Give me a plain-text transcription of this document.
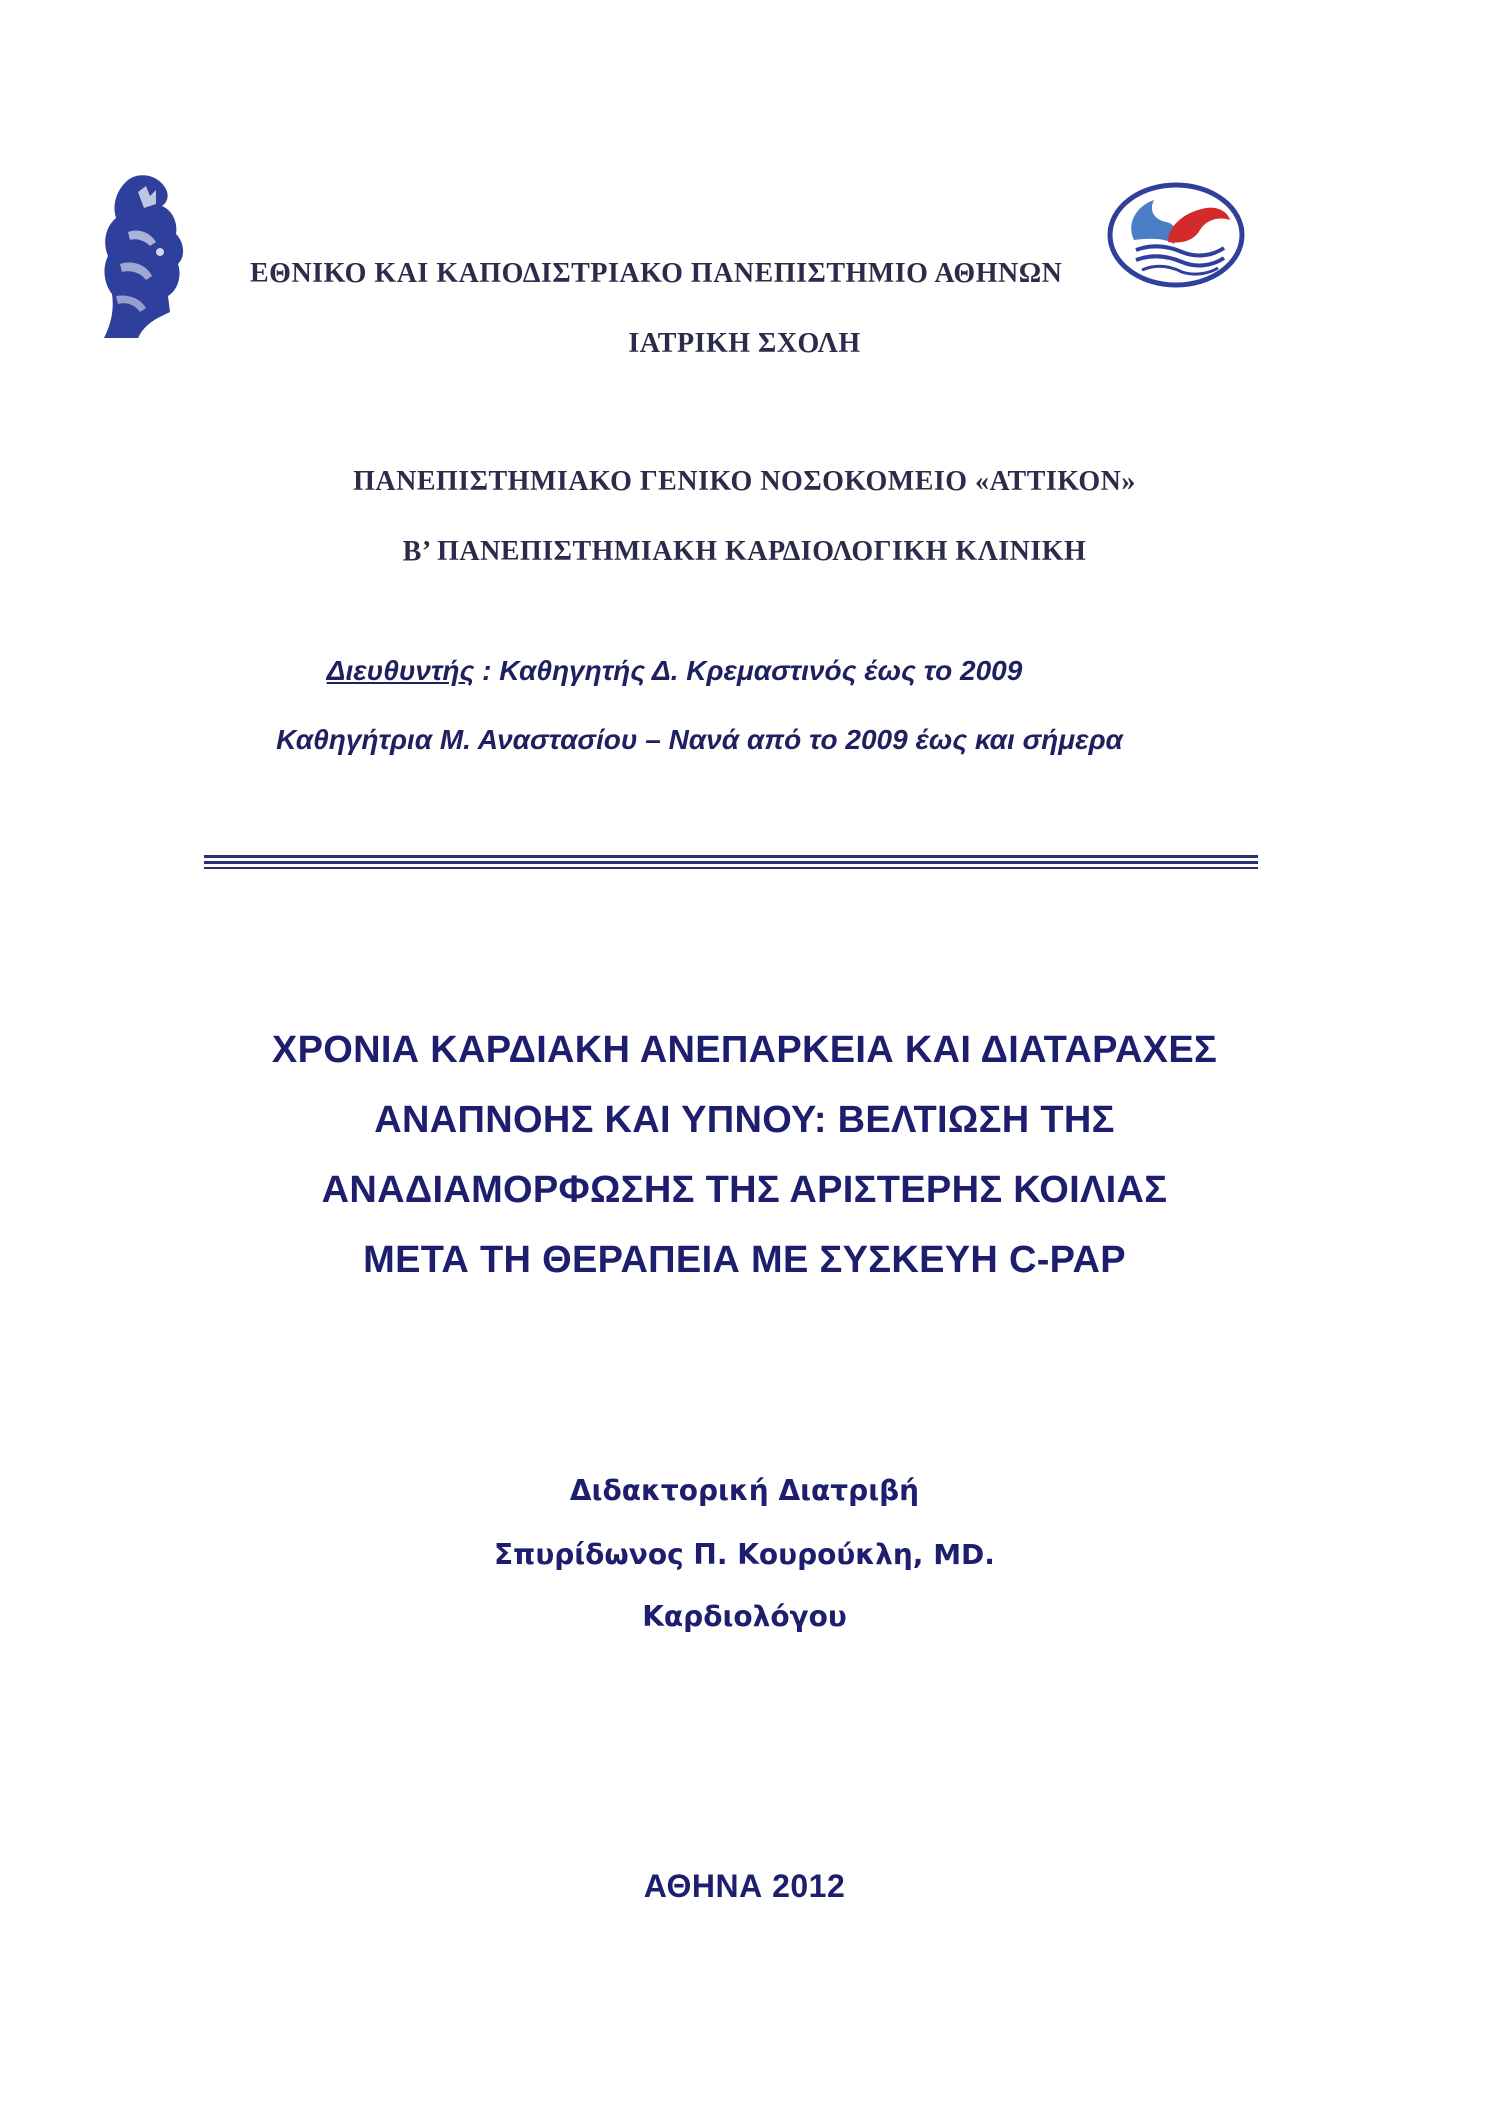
ΕΘΝΙΚΟ ΚΑΙ ΚΑΠΟΔΙΣΤΡΙΑΚΟ ΠΑΝΕΠΙΣΤΗΜΙΟ ΑΘΗΝΩΝ

ΙΑΤΡΙΚΗ ΣΧΟΛΗ

ΠΑΝΕΠΙΣΤΗΜΙΑΚΟ ΓΕΝΙΚΟ ΝΟΣΟΚΟΜΕΙΟ «ΑΤΤΙΚΟΝ»

Β’ ΠΑΝΕΠΙΣΤΗΜΙΑΚΗ ΚΑΡΔΙΟΛΟΓΙΚΗ ΚΛΙΝΙΚΗ

Διευθυντής : Καθηγητής Δ. Κρεμαστινός έως το 2009

Καθηγήτρια Μ. Αναστασίου – Νανά από το 2009 έως και σήμερα

ΧΡΟΝΙΑ ΚΑΡΔΙΑΚΗ ΑΝΕΠΑΡΚΕΙΑ ΚΑΙ ΔΙΑΤΑΡΑΧΕΣ
ΑΝΑΠΝΟΗΣ ΚΑΙ ΥΠΝΟΥ: ΒΕΛΤΙΩΣΗ ΤΗΣ
ΑΝΑΔΙΑΜΟΡΦΩΣΗΣ ΤΗΣ ΑΡΙΣΤΕΡΗΣ ΚΟΙΛΙΑΣ
ΜΕΤΑ ΤΗ ΘΕΡΑΠΕΙΑ ΜΕ ΣΥΣΚΕΥΗ C-PAP

Διδακτορική Διατριβή

Σπυρίδωνος Π. Κουρούκλη, MD.

Καρδιολόγου

ΑΘΗΝΑ 2012
